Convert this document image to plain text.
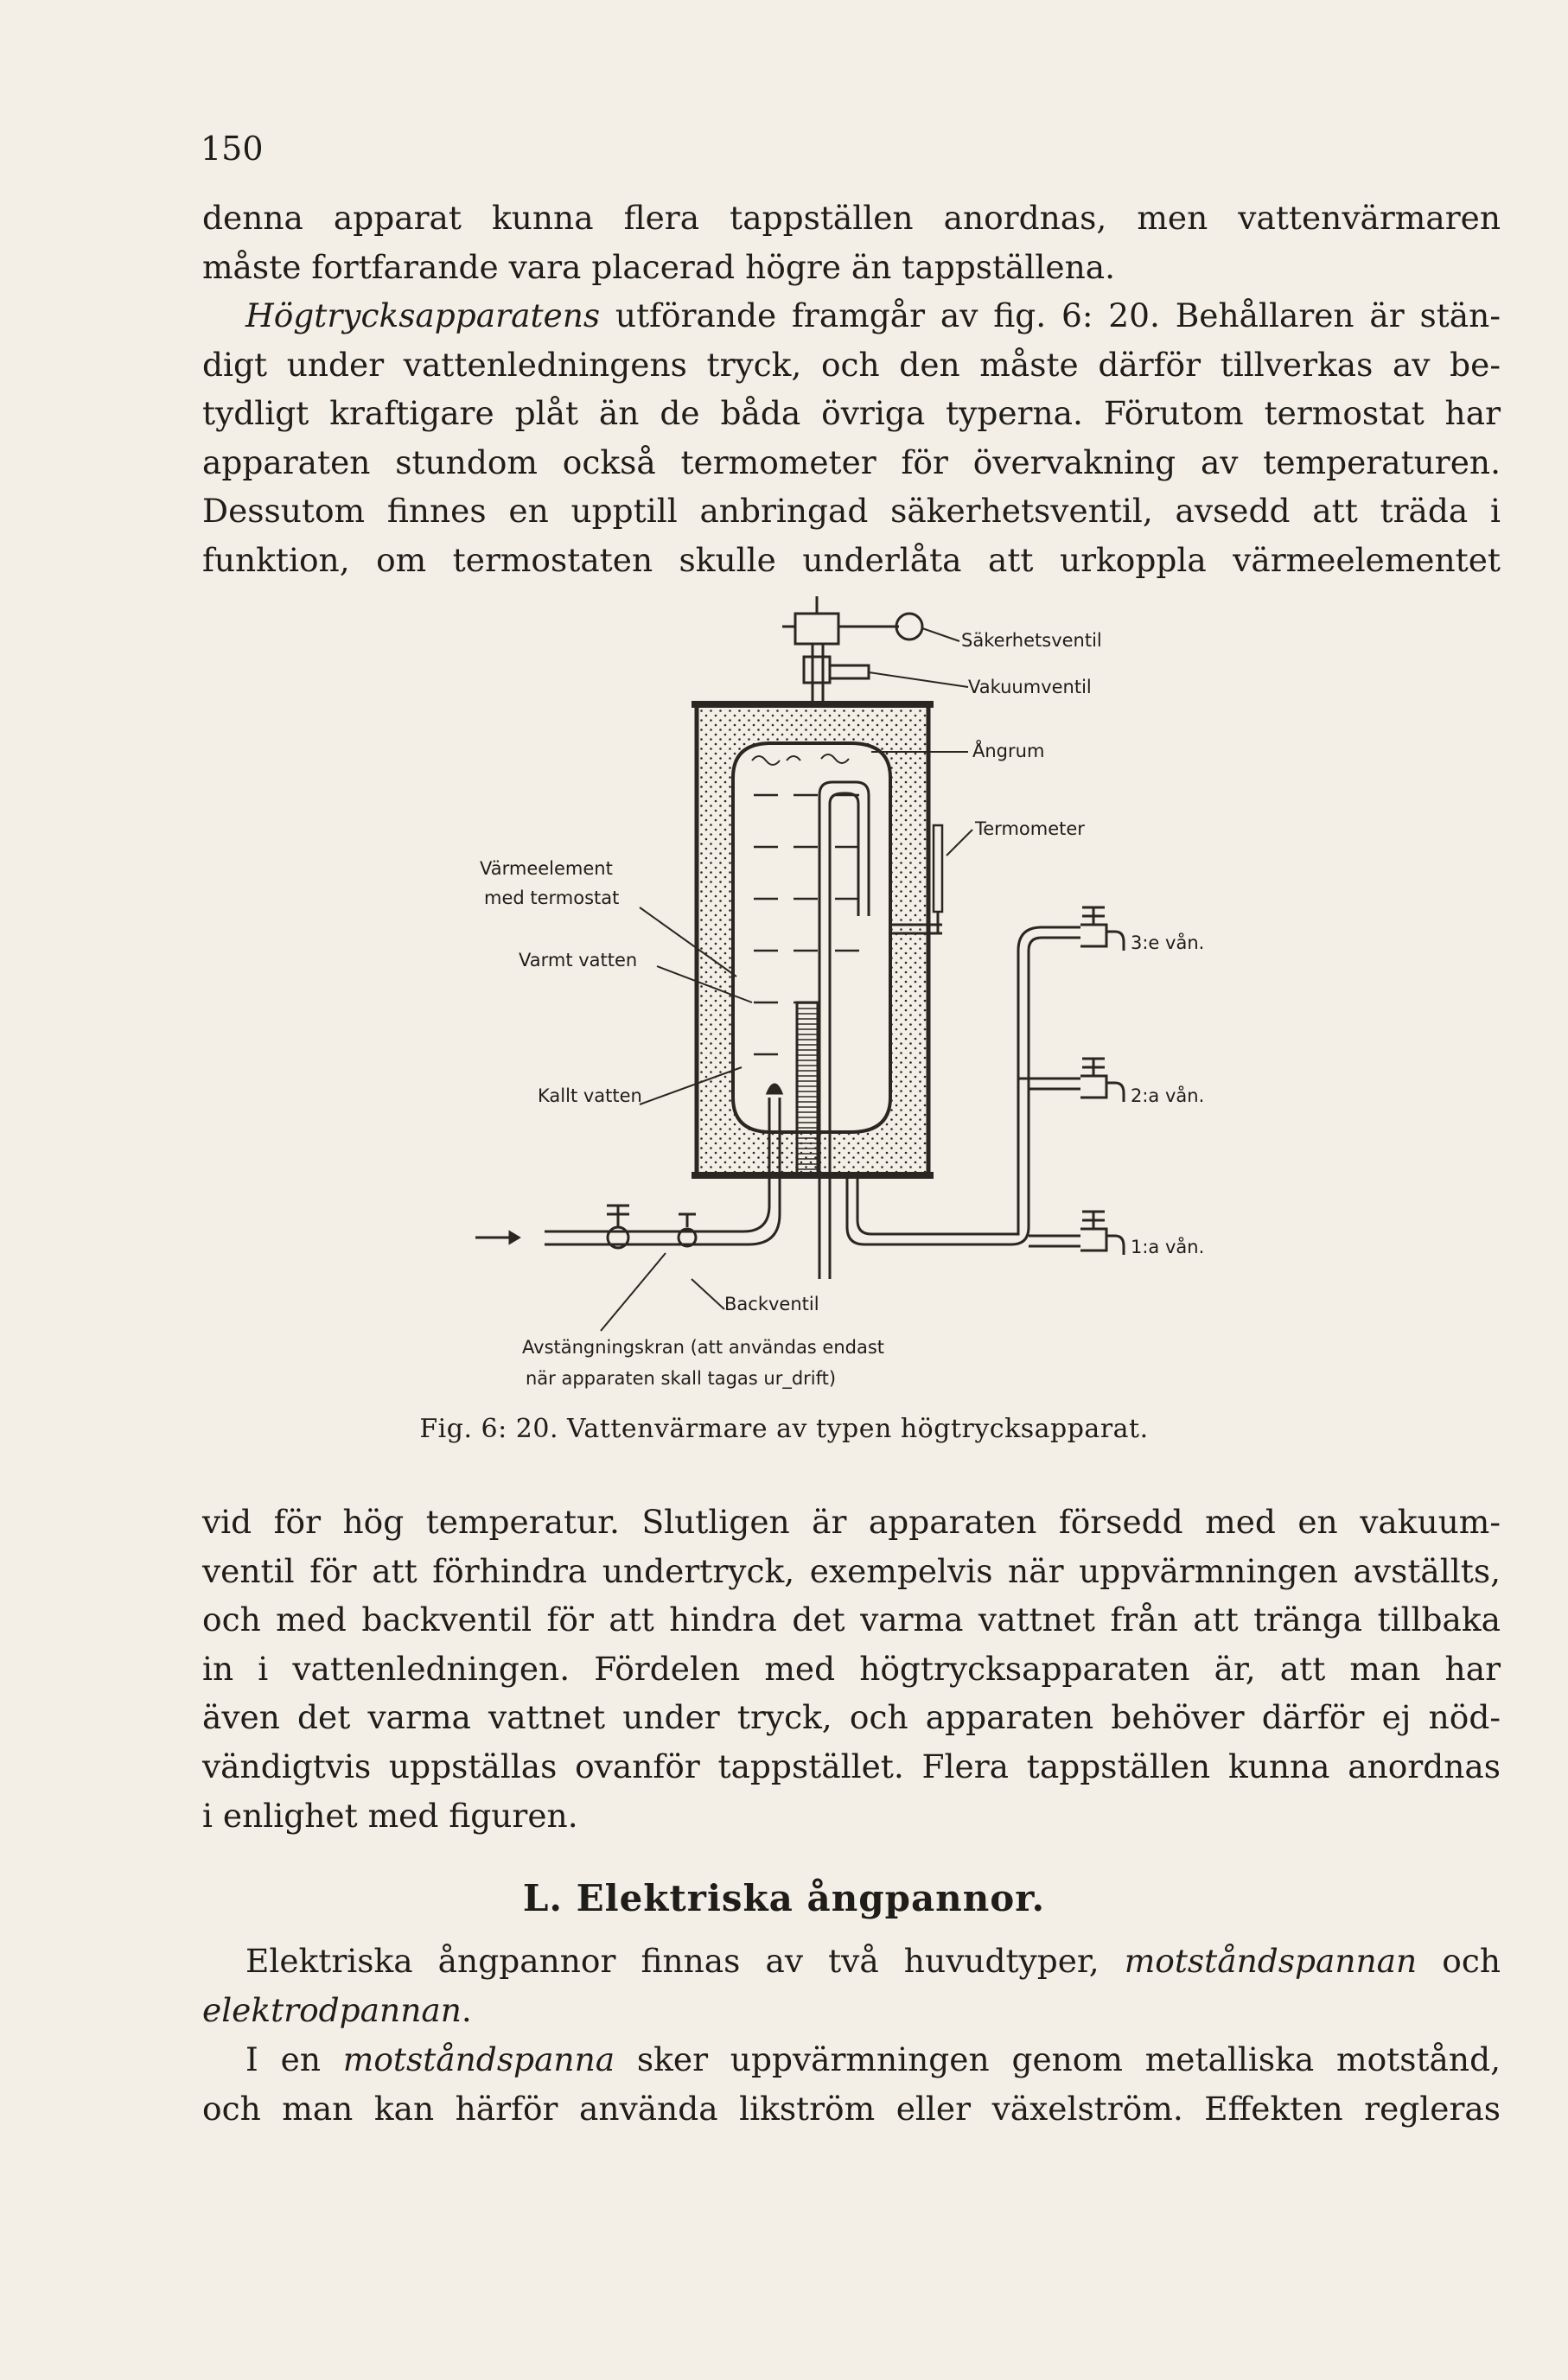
150

denna apparat kunna flera tappställen anordnas, men vattenvärmaren
måste fortfarande vara placerad högre än tappställena.

Högtrycksapparatens utförande framgår av fig. 6: 20. Behållaren är stän-
digt under vattenledningens tryck, och den måste därför tillverkas av be-
tydligt kraftigare plåt än de båda övriga typerna. Förutom termostat har
apparaten stundom också termometer för övervakning av temperaturen.
Dessutom finnes en upptill anbringad säkerhetsventil, avsedd att träda i
funktion, om termostaten skulle underlåta att urkoppla värmeelementet

Säkerhetsventil
Vakuumventil
Ångrum
Termometer
Värmeelement
med termostat
Varmt vatten
Kallt vatten
3:e vån.
2:a vån.
1:a vån.
Backventil
Avstängningskran (att användas endast
när apparaten skall tagas ur_drift)
Fig. 6: 20. Vattenvärmare av typen högtrycksapparat.

vid för hög temperatur. Slutligen är apparaten försedd med en vakuum-
ventil för att förhindra undertryck, exempelvis när uppvärmningen avställts,
och med backventil för att hindra det varma vattnet från att tränga tillbaka
in i vattenledningen. Fördelen med högtrycksapparaten är, att man har
även det varma vattnet under tryck, och apparaten behöver därför ej nöd-
vändigtvis uppställas ovanför tappstället. Flera tappställen kunna anordnas
i enlighet med figuren.

L. Elektriska ångpannor.

Elektriska ångpannor finnas av två huvudtyper, motståndspannan och
elektrodpannan.

I en motståndspanna sker uppvärmningen genom metalliska motstånd,
och man kan härför använda likström eller växelström. Effekten regleras
